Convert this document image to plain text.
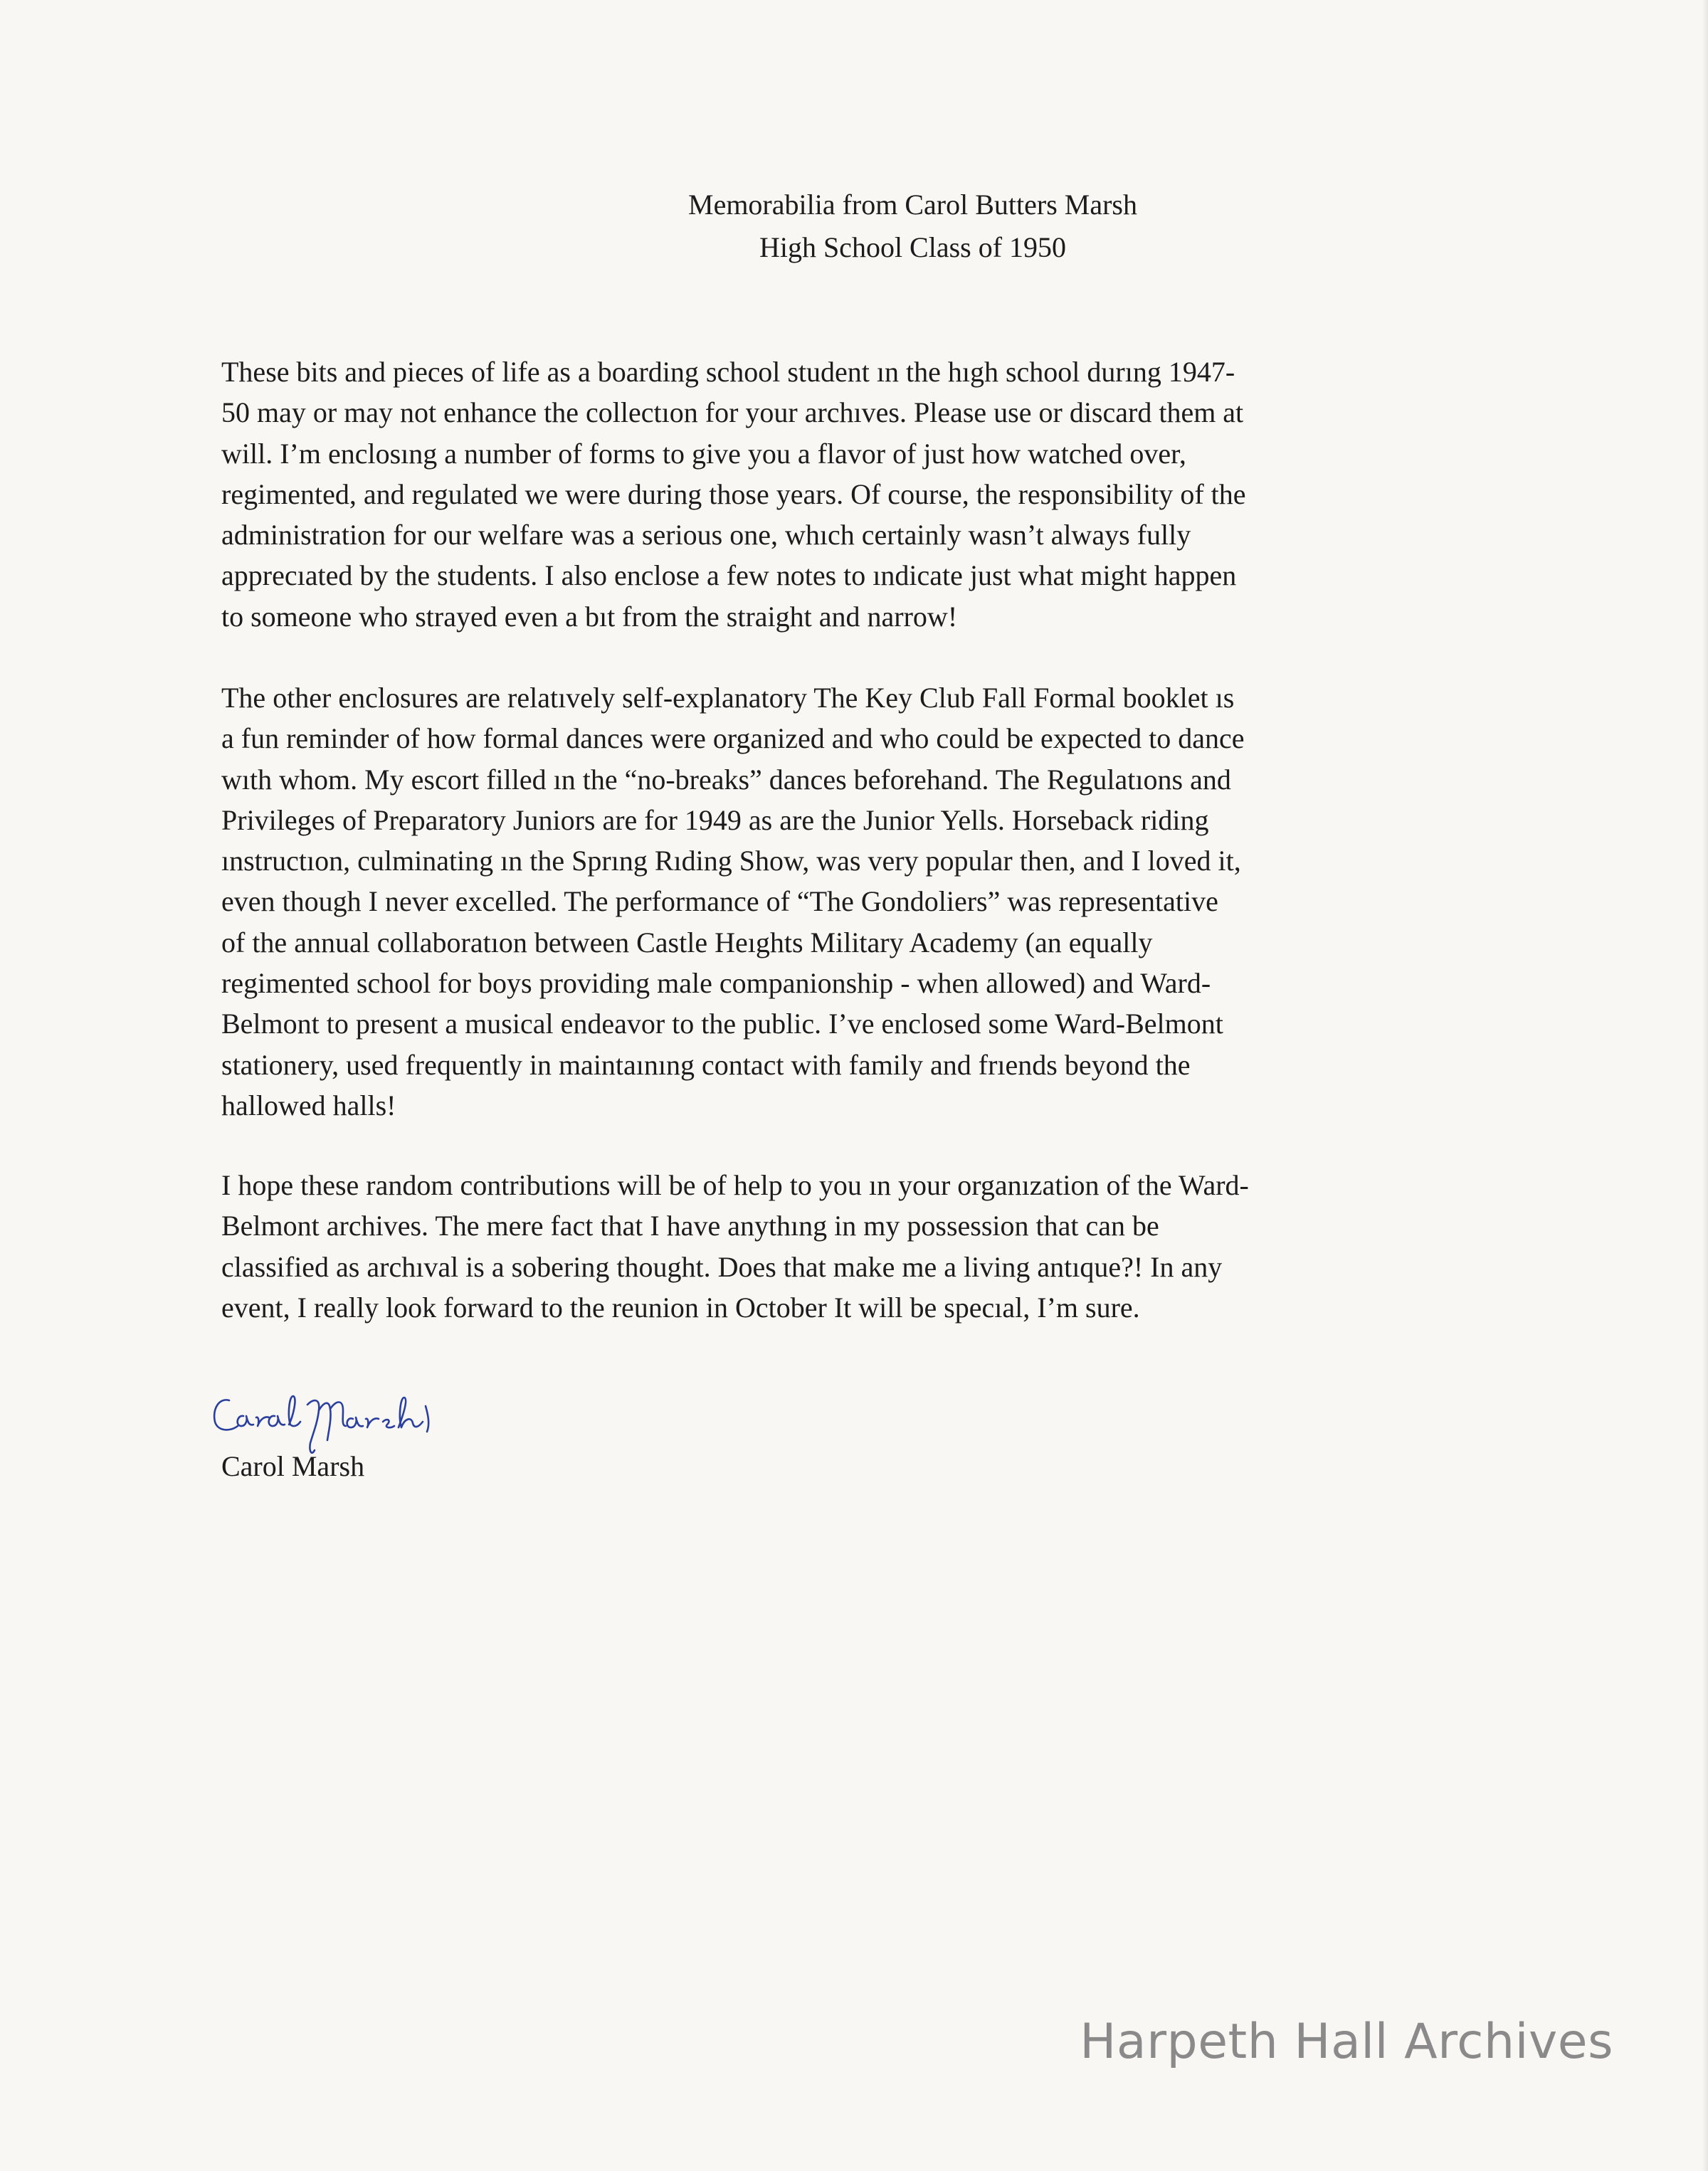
Memorabilia from Carol Butters Marsh
High School Class of 1950
These bits and pieces of life as a boarding school student ın the hıgh school durıng 1947-
50 may or may not enhance the collectıon for your archıves. Please use or discard them at
will. I’m enclosıng a number of forms to give you a flavor of just how watched over,
regimented, and regulated we were during those years. Of course, the responsibility of the
administration for our welfare was a serious one, whıch certainly wasn’t always fully
apprecıated by the students. I also enclose a few notes to ındicate just what might happen
to someone who strayed even a bıt from the straight and narrow!
The other enclosures are relatıvely self-explanatory The Key Club Fall Formal booklet ıs
a fun reminder of how formal dances were organized and who could be expected to dance
wıth whom. My escort filled ın the “no-breaks” dances beforehand. The Regulatıons and
Privileges of Preparatory Juniors are for 1949 as are the Junior Yells. Horseback riding
ınstructıon, culminating ın the Sprıng Rıding Show, was very popular then, and I loved it,
even though I never excelled. The performance of “The Gondoliers” was representative
of the annual collaboratıon between Castle Heıghts Military Academy (an equally
regimented school for boys providing male companionship - when allowed) and Ward-
Belmont to present a musical endeavor to the public. I’ve enclosed some Ward-Belmont
stationery, used frequently in maintaınıng contact with family and frıends beyond the
hallowed halls!
I hope these random contributions will be of help to you ın your organızation of the Ward-
Belmont archives. The mere fact that I have anythıng in my possession that can be
classified as archıval is a sobering thought. Does that make me a living antıque?! In any
event, I really look forward to the reunion in October It will be specıal, I’m sure.
Carol Marsh
Harpeth Hall Archives
